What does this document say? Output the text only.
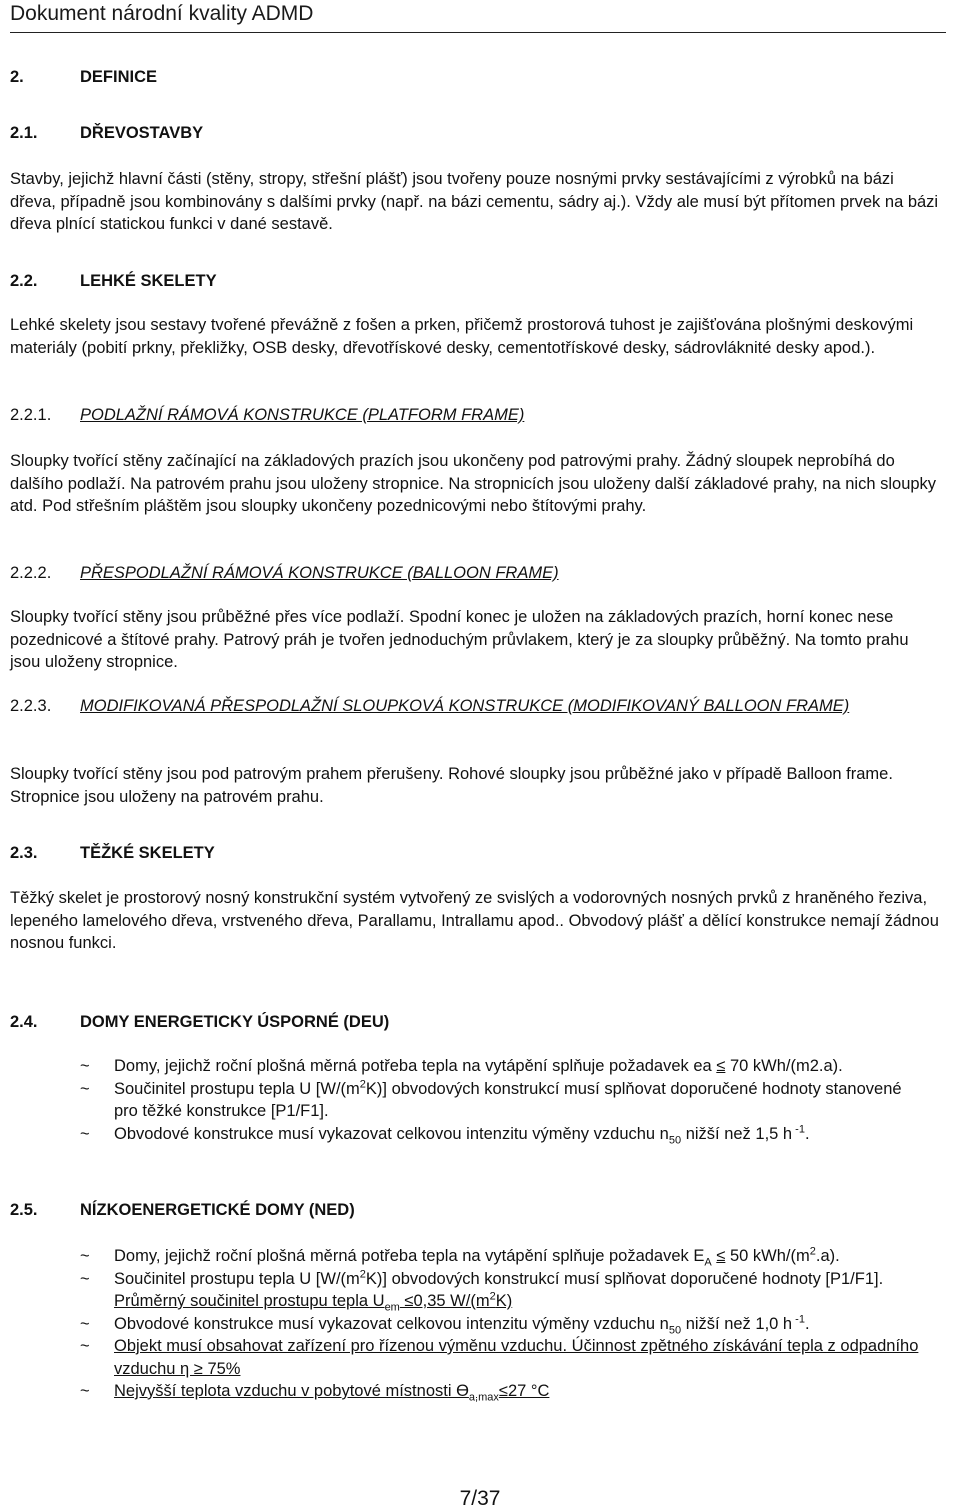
Dokument národní kvality ADMD
2.	DEFINICE
2.1.	DŘEVOSTAVBY

Stavby, jejichž hlavní části (stěny, stropy, střešní plášť) jsou tvořeny pouze nosnými prvky sestávajícími z výrobků na bázi dřeva, případně jsou kombinovány s dalšími prvky (např. na bázi cementu, sádry aj.). Vždy ale musí být přítomen prvek na bázi dřeva plnící statickou funkci v dané sestavě.

2.2.	LEHKÉ SKELETY

Lehké skelety jsou sestavy tvořené převážně z fošen a prken, přičemž prostorová tuhost je zajišťována plošnými deskovými materiály (pobití prkny, překližky, OSB desky, dřevotřískové desky, cementotřískové desky, sádrovláknité desky apod.).

2.2.1. PODLAŽNÍ RÁMOVÁ KONSTRUKCE (PLATFORM FRAME)

Sloupky tvořící stěny začínající na základových prazích jsou ukončeny pod patrovými prahy. Žádný sloupek neprobíhá do dalšího podlaží. Na patrovém prahu jsou uloženy stropnice. Na stropnicích jsou uloženy další základové prahy, na nich sloupky atd. Pod střešním pláštěm jsou sloupky ukončeny pozednicovými nebo štítovými prahy.

2.2.2. PŘESPODLAŽNÍ RÁMOVÁ KONSTRUKCE (BALLOON FRAME)

Sloupky tvořící stěny jsou průběžné přes více podlaží. Spodní konec je uložen na základových prazích, horní konec nese pozednicové a štítové prahy. Patrový práh je tvořen jednoduchým průvlakem, který je za sloupky průběžný. Na tomto prahu jsou uloženy stropnice.

2.2.3. MODIFIKOVANÁ PŘESPODLAŽNÍ SLOUPKOVÁ KONSTRUKCE (MODIFIKOVANÝ BALLOON FRAME)

Sloupky tvořící stěny jsou pod patrovým prahem přerušeny. Rohové sloupky jsou průběžné jako v případě Balloon frame. Stropnice jsou uloženy na patrovém prahu.

2.3.	TĚŽKÉ SKELETY

Těžký skelet je prostorový nosný konstrukční systém vytvořený ze svislých a vodorovných nosných prvků z hraněného řeziva, lepeného lamelového dřeva, vrstveného dřeva, Parallamu, Intrallamu apod.. Obvodový plášť a dělící konstrukce nemají žádnou nosnou funkci.

2.4.	DOMY ENERGETICKY ÚSPORNÉ (DEU)
~ Domy, jejichž roční plošná měrná potřeba tepla na vytápění splňuje požadavek ea ≤ 70 kWh/(m2.a).
~ Součinitel prostupu tepla U $[W/(m^2K)]$ obvodových konstrukcí musí splňovat doporučené hodnoty stanovené pro těžké konstrukce [P1/F1].
~ Obvodové konstrukce musí vykazovat celkovou intenzitu výměny vzduchu $n_{50}$ nižší než 1,5 h $^{-1}$.
2.5.	NÍZKOENERGETICKÉ DOMY (NED)
~ Domy, jejichž roční plošná měrná potřeba tepla na vytápění splňuje požadavek $E_A \le 50$ kWh/$(m^2.a)$.
~ Součinitel prostupu tepla U $[W/(m^2K)]$ obvodových konstrukcí musí splňovat doporučené hodnoty [P1/F1]. Průměrný součinitel prostupu tepla $U_{em} \le 0,35$ $W/(m^2K)$
~ Obvodové konstrukce musí vykazovat celkovou intenzitu výměny vzduchu $n_{50}$ nižší než 1,0 h $^{-1}$.
~ Objekt musí obsahovat zařízení pro řízenou výměnu vzduchu. Účinnost zpětného získávání tepla z odpadního vzduchu η ≥ 75%
~ Nejvyšší teplota vzduchu v pobytové místnosti $ϴ_{a,max}\le 27$ °C
7/37
